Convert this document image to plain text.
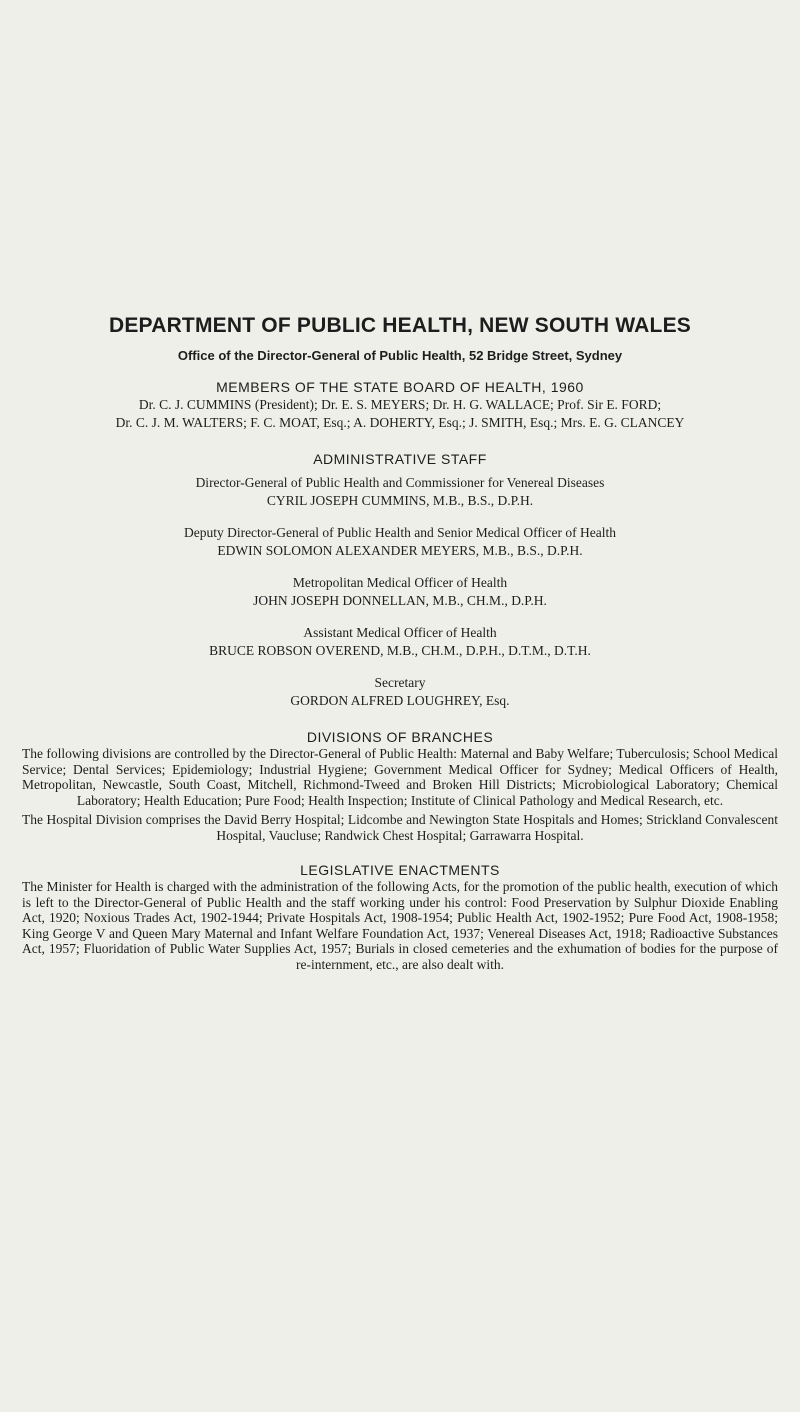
DEPARTMENT OF PUBLIC HEALTH, NEW SOUTH WALES

Office of the Director-General of Public Health, 52 Bridge Street, Sydney

MEMBERS OF THE STATE BOARD OF HEALTH, 1960

Dr. C. J. CUMMINS (President); Dr. E. S. MEYERS; Dr. H. G. WALLACE; Prof. Sir E. FORD;

Dr. C. J. M. WALTERS; F. C. MOAT, Esq.; A. DOHERTY, Esq.; J. SMITH, Esq.; Mrs. E. G. CLANCEY

ADMINISTRATIVE STAFF

Director-General of Public Health and Commissioner for Venereal Diseases

CYRIL JOSEPH CUMMINS, M.B., B.S., D.P.H.

Deputy Director-General of Public Health and Senior Medical Officer of Health

EDWIN SOLOMON ALEXANDER MEYERS, M.B., B.S., D.P.H.

Metropolitan Medical Officer of Health

JOHN JOSEPH DONNELLAN, M.B., CH.M., D.P.H.

Assistant Medical Officer of Health

BRUCE ROBSON OVEREND, M.B., CH.M., D.P.H., D.T.M., D.T.H.

Secretary

GORDON ALFRED LOUGHREY, Esq.

DIVISIONS OF BRANCHES

The following divisions are controlled by the Director-General of Public Health: Maternal and Baby Welfare; Tuberculosis; School Medical Service; Dental Services; Epidemiology; Industrial Hygiene; Government Medical Officer for Sydney; Medical Officers of Health, Metropolitan, Newcastle, South Coast, Mitchell, Richmond-Tweed and Broken Hill Districts; Microbiological Laboratory; Chemical Laboratory; Health Education; Pure Food; Health Inspection; Institute of Clinical Pathology and Medical Research, etc.

The Hospital Division comprises the David Berry Hospital; Lidcombe and Newington State Hospitals and Homes; Strickland Convalescent Hospital, Vaucluse; Randwick Chest Hospital; Garrawarra Hospital.

LEGISLATIVE ENACTMENTS

The Minister for Health is charged with the administration of the following Acts, for the promotion of the public health, execution of which is left to the Director-General of Public Health and the staff working under his control: Food Preservation by Sulphur Dioxide Enabling Act, 1920; Noxious Trades Act, 1902-1944; Private Hospitals Act, 1908-1954; Public Health Act, 1902-1952; Pure Food Act, 1908-1958; King George V and Queen Mary Maternal and Infant Welfare Foundation Act, 1937; Venereal Diseases Act, 1918; Radioactive Substances Act, 1957; Fluoridation of Public Water Supplies Act, 1957; Burials in closed cemeteries and the exhumation of bodies for the purpose of re-internment, etc., are also dealt with.
